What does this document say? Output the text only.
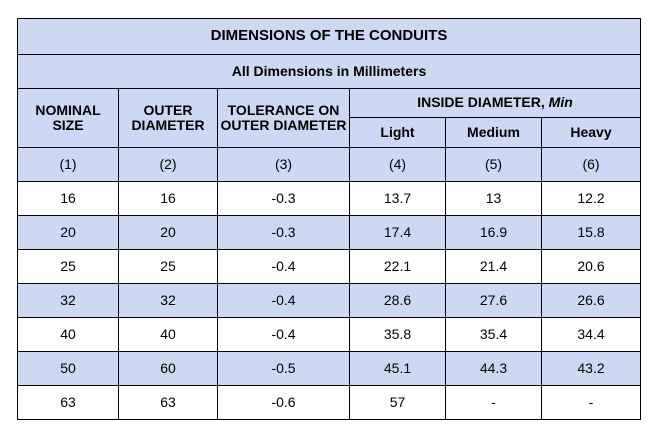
DIMENSIONS OF THE CONDUITS					
All Dimensions in Millimeters					
NOMINAL SIZE	OUTER DIAMETER	TOLERANCE ON OUTER DIAMETER	INSIDE DIAMETER, Min		
			Light	Medium	Heavy
(1)	(2)	(3)	(4)	(5)	(6)
16	16	-0.3	13.7	13	12.2
20	20	-0.3	17.4	16.9	15.8
25	25	-0.4	22.1	21.4	20.6
32	32	-0.4	28.6	27.6	26.6
40	40	-0.4	35.8	35.4	34.4
50	60	-0.5	45.1	44.3	43.2
63	63	-0.6	57	-	-
